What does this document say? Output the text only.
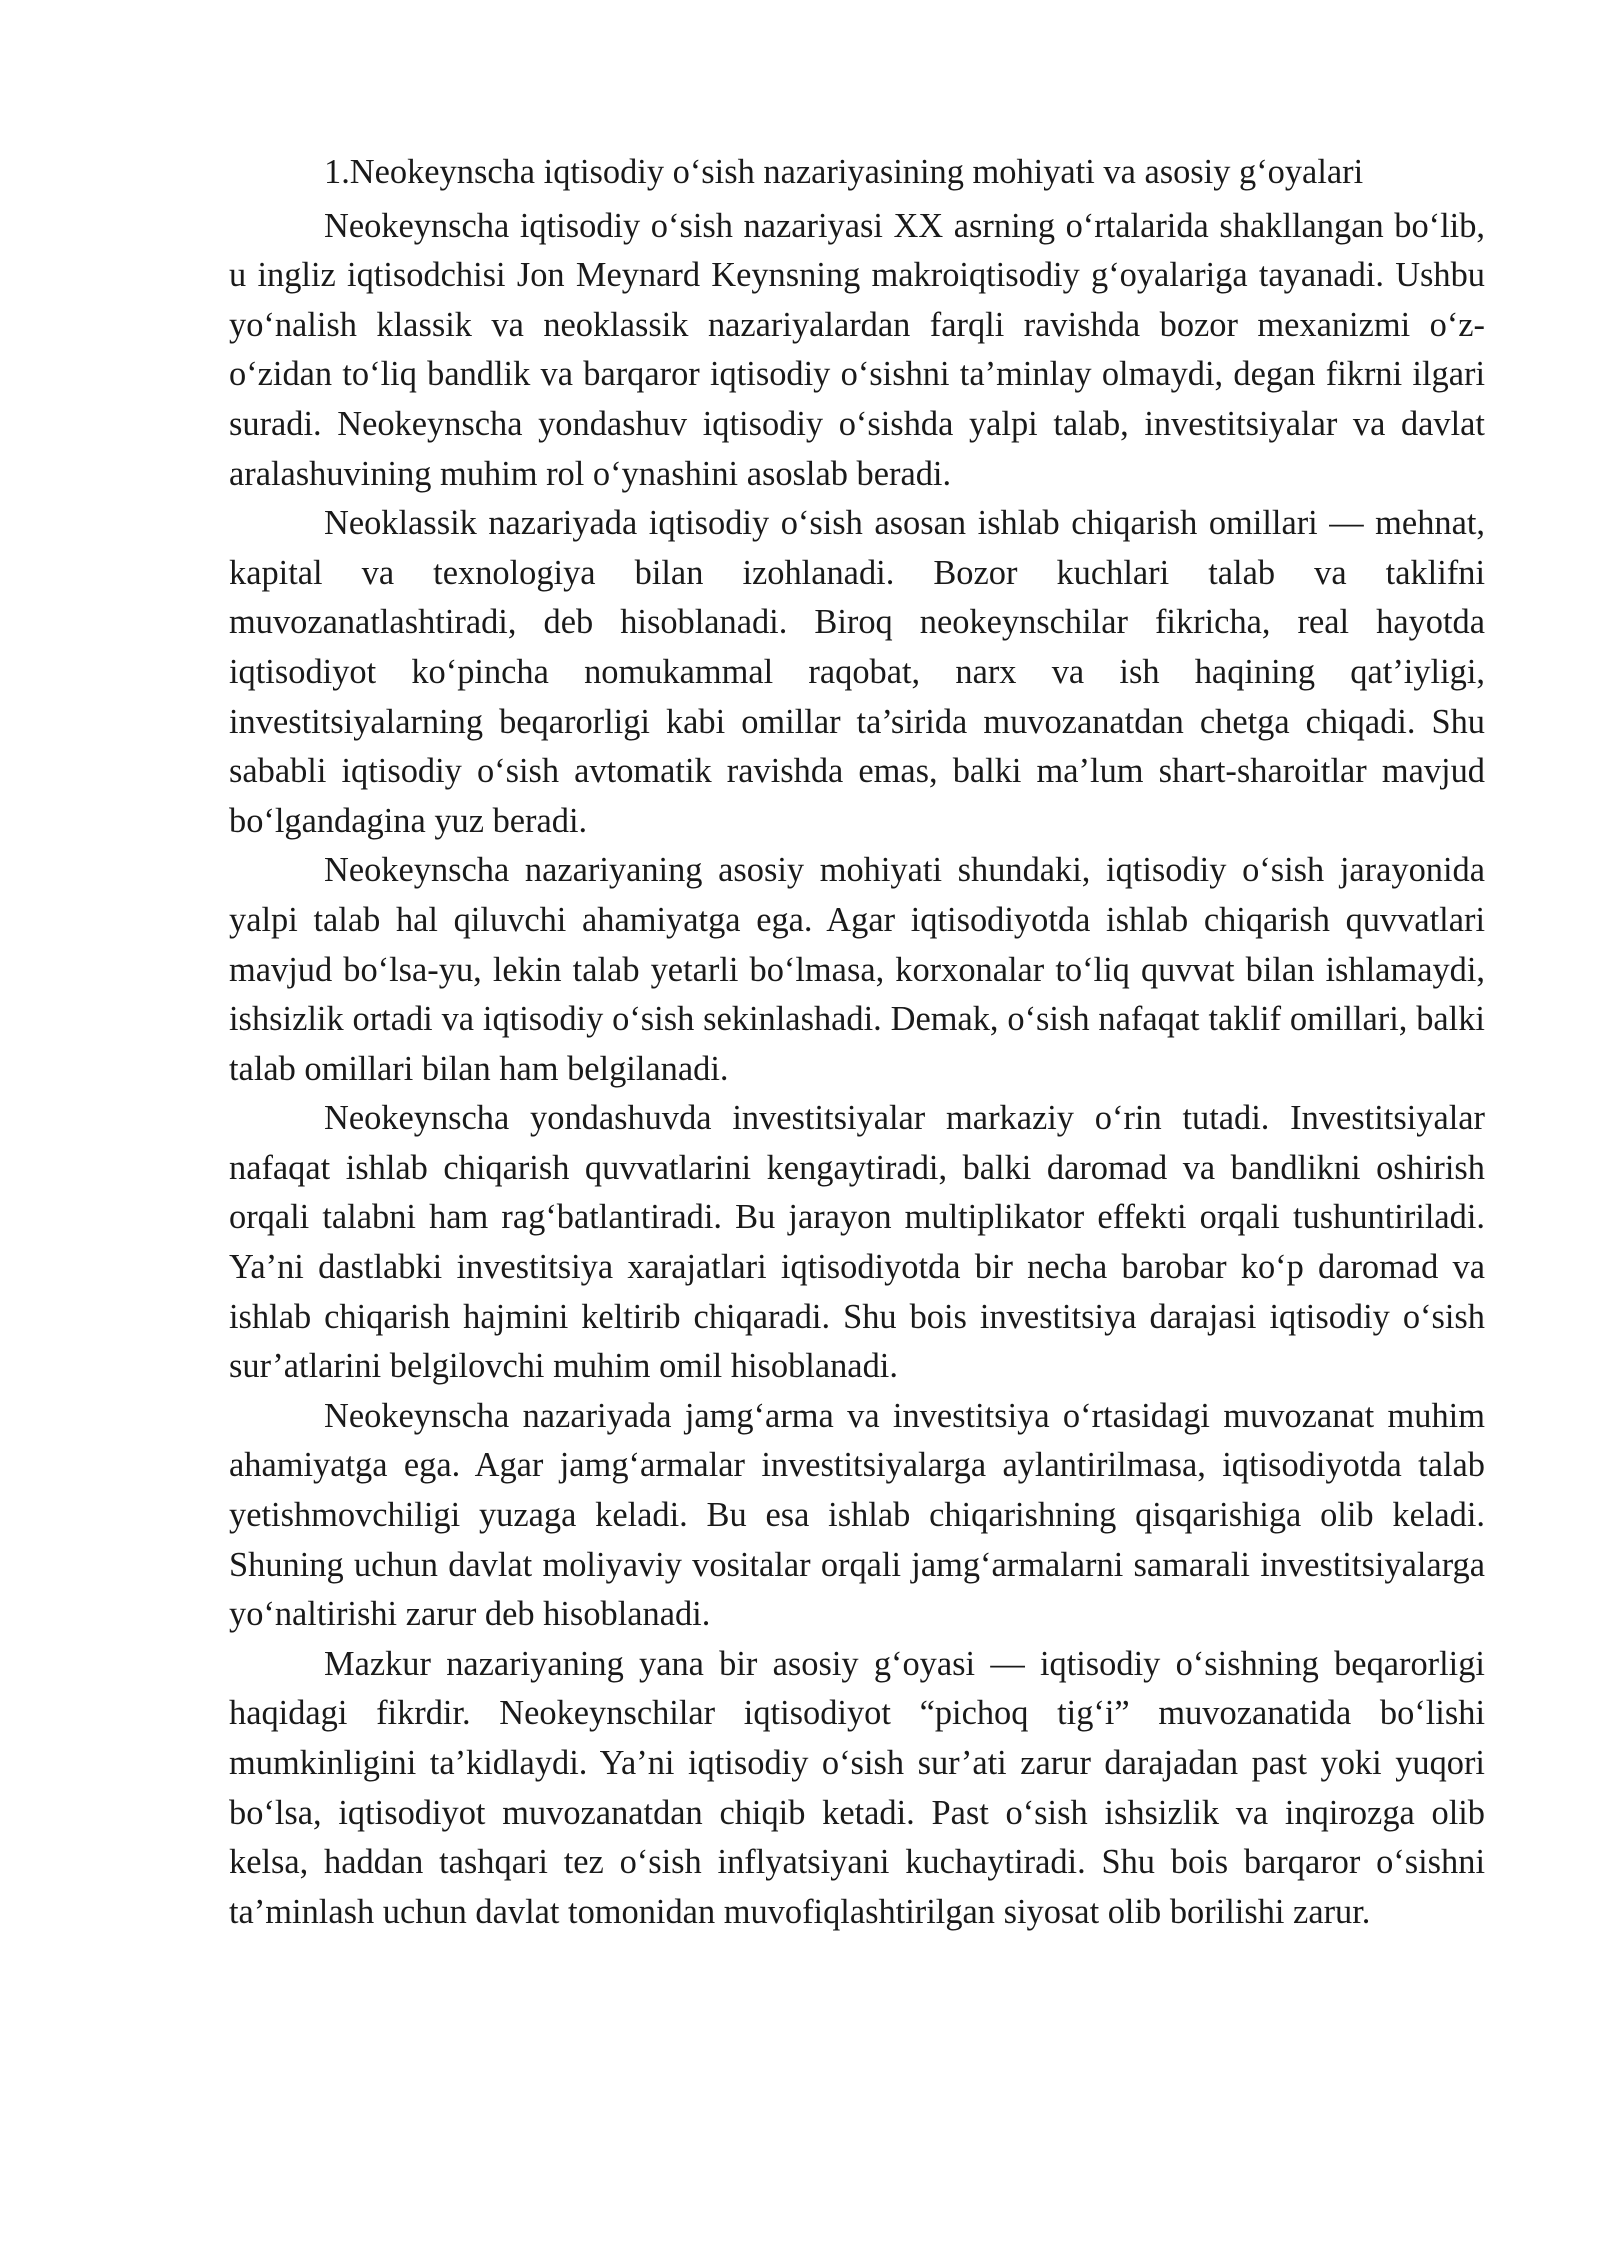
1.Neokeynscha iqtisodiy o‘sish nazariyasining mohiyati va asosiy g‘oyalari

Neokeynscha iqtisodiy o‘sish nazariyasi XX asrning o‘rtalarida shakllangan bo‘lib, u ingliz iqtisodchisi Jon Meynard Keynsning makroiqtisodiy g‘oyalariga tayanadi. Ushbu yo‘nalish klassik va neoklassik nazariyalardan farqli ravishda bozor mexanizmi o‘z-o‘zidan to‘liq bandlik va barqaror iqtisodiy o‘sishni ta’minlay olmaydi, degan fikrni ilgari suradi. Neokeynscha yondashuv iqtisodiy o‘sishda yalpi talab, investitsiyalar va davlat aralashuvining muhim rol o‘ynashini asoslab beradi.

Neoklassik nazariyada iqtisodiy o‘sish asosan ishlab chiqarish omillari — mehnat, kapital va texnologiya bilan izohlanadi. Bozor kuchlari talab va taklifni muvozanatlashtiradi, deb hisoblanadi. Biroq neokeynschilar fikricha, real hayotda iqtisodiyot ko‘pincha nomukammal raqobat, narx va ish haqining qat’iyligi, investitsiyalarning beqarorligi kabi omillar ta’sirida muvozanatdan chetga chiqadi. Shu sababli iqtisodiy o‘sish avtomatik ravishda emas, balki ma’lum shart-sharoitlar mavjud bo‘lgandagina yuz beradi.

Neokeynscha nazariyaning asosiy mohiyati shundaki, iqtisodiy o‘sish jarayonida yalpi talab hal qiluvchi ahamiyatga ega. Agar iqtisodiyotda ishlab chiqarish quvvatlari mavjud bo‘lsa-yu, lekin talab yetarli bo‘lmasa, korxonalar to‘liq quvvat bilan ishlamaydi, ishsizlik ortadi va iqtisodiy o‘sish sekinlashadi. Demak, o‘sish nafaqat taklif omillari, balki talab omillari bilan ham belgilanadi.

Neokeynscha yondashuvda investitsiyalar markaziy o‘rin tutadi. Investitsiyalar nafaqat ishlab chiqarish quvvatlarini kengaytiradi, balki daromad va bandlikni oshirish orqali talabni ham rag‘batlantiradi. Bu jarayon multiplikator effekti orqali tushuntiriladi. Ya’ni dastlabki investitsiya xarajatlari iqtisodiyotda bir necha barobar ko‘p daromad va ishlab chiqarish hajmini keltirib chiqaradi. Shu bois investitsiya darajasi iqtisodiy o‘sish sur’atlarini belgilovchi muhim omil hisoblanadi.

Neokeynscha nazariyada jamg‘arma va investitsiya o‘rtasidagi muvozanat muhim ahamiyatga ega. Agar jamg‘armalar investitsiyalarga aylantirilmasa, iqtisodiyotda talab yetishmovchiligi yuzaga keladi. Bu esa ishlab chiqarishning qisqarishiga olib keladi. Shuning uchun davlat moliyaviy vositalar orqali jamg‘armalarni samarali investitsiyalarga yo‘naltirishi zarur deb hisoblanadi.

Mazkur nazariyaning yana bir asosiy g‘oyasi — iqtisodiy o‘sishning beqarorligi haqidagi fikrdir. Neokeynschilar iqtisodiyot “pichoq tig‘i” muvozanatida bo‘lishi mumkinligini ta’kidlaydi. Ya’ni iqtisodiy o‘sish sur’ati zarur darajadan past yoki yuqori bo‘lsa, iqtisodiyot muvozanatdan chiqib ketadi. Past o‘sish ishsizlik va inqirozga olib kelsa, haddan tashqari tez o‘sish inflyatsiyani kuchaytiradi. Shu bois barqaror o‘sishni ta’minlash uchun davlat tomonidan muvofiqlashtirilgan siyosat olib borilishi zarur.
